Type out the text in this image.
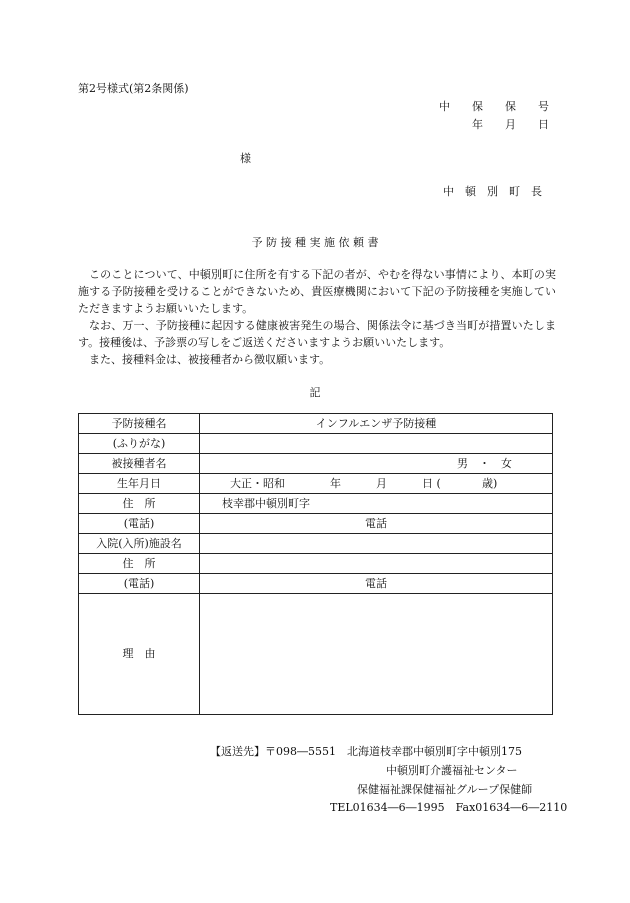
第2号様式(第2条関係)
中　　保　　保　　号
年　　月　　日
様
中　頓　別　町　長
予 防 接 種 実 施 依 頼 書

このことについて、中頓別町に住所を有する下記の者が、やむを得ない事情により、本町の実施する予防接種を受けることができないため、貴医療機関において下記の予防接種を実施していただきますようお願いいたします。

なお、万一、予防接種に起因する健康被害発生の場合、関係法令に基づき当町が措置いたします。接種後は、予診票の写しをご返送くださいますようお願いいたします。

また、接種料金は、被接種者から徴収願います。

記
予防接種名	インフルエンザ予防接種
(ふりがな)	
被接種者名	男　・　女

生年月日	大正・昭和 年 月 日 ( 歳)

住　所	枝幸郡中頓別町字
(電話)	電話
入院(入所)施設名	
住　所	
(電話)	電話
理　由	
【返送先】〒098―5551　北海道枝幸郡中頓別町字中頓別175
中頓別町介護福祉センター
保健福祉課保健福祉グループ保健師
TEL01634―6―1995　Fax01634―6―2110
